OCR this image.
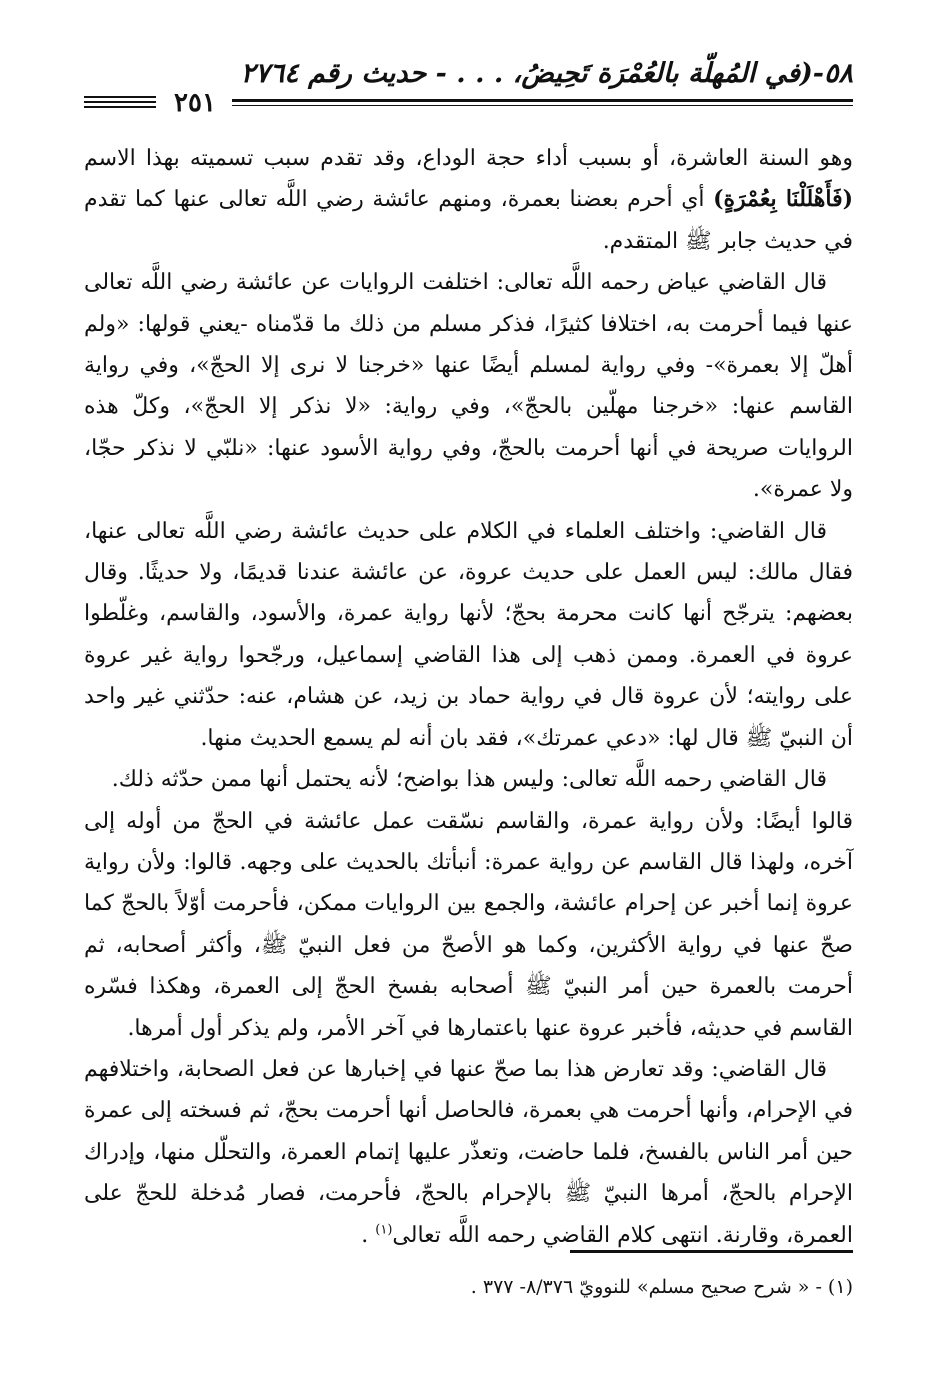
٥٨-(في المُهلّة بالعُمْرَة تَحِيضُ، . . . - حديث رقم ٢٧٦٤
٢٥١

وهو السنة العاشرة، أو بسبب أداء حجة الوداع، وقد تقدم سبب تسميته بهذا الاسم (فَأَهْلَلْنَا بِعُمْرَةٍ) أي أحرم بعضنا بعمرة، ومنهم عائشة رضي اللَّه تعالى عنها كما تقدم في حديث جابر ﷺ المتقدم.

قال القاضي عياض رحمه اللَّه تعالى: اختلفت الروايات عن عائشة رضي اللَّه تعالى عنها فيما أحرمت به، اختلافا كثيرًا، فذكر مسلم من ذلك ما قدّمناه -يعني قولها: «ولم أهلّ إلا بعمرة»- وفي رواية لمسلم أيضًا عنها «خرجنا لا نرى إلا الحجّ»، وفي رواية القاسم عنها: «خرجنا مهلّين بالحجّ»، وفي رواية: «لا نذكر إلا الحجّ»، وكلّ هذه الروايات صريحة في أنها أحرمت بالحجّ، وفي رواية الأسود عنها: «نلبّي لا نذكر حجّا، ولا عمرة».

قال القاضي: واختلف العلماء في الكلام على حديث عائشة رضي اللَّه تعالى عنها، فقال مالك: ليس العمل على حديث عروة، عن عائشة عندنا قديمًا، ولا حديثًا. وقال بعضهم: يترجّح أنها كانت محرمة بحجّ؛ لأنها رواية عمرة، والأسود، والقاسم، وغلّطوا عروة في العمرة. وممن ذهب إلى هذا القاضي إسماعيل، ورجّحوا رواية غير عروة على روايته؛ لأن عروة قال في رواية حماد بن زيد، عن هشام، عنه: حدّثني غير واحد أن النبيّ ﷺ قال لها: «دعي عمرتك»، فقد بان أنه لم يسمع الحديث منها.

قال القاضي رحمه اللَّه تعالى: وليس هذا بواضح؛ لأنه يحتمل أنها ممن حدّثه ذلك.

قالوا أيضًا: ولأن رواية عمرة، والقاسم نسّقت عمل عائشة في الحجّ من أوله إلى آخره، ولهذا قال القاسم عن رواية عمرة: أنبأتك بالحديث على وجهه. قالوا: ولأن رواية عروة إنما أخبر عن إحرام عائشة، والجمع بين الروايات ممكن، فأحرمت أوّلاً بالحجّ كما صحّ عنها في رواية الأكثرين، وكما هو الأصحّ من فعل النبيّ ﷺ، وأكثر أصحابه، ثم أحرمت بالعمرة حين أمر النبيّ ﷺ أصحابه بفسخ الحجّ إلى العمرة، وهكذا فسّره القاسم في حديثه، فأخبر عروة عنها باعتمارها في آخر الأمر، ولم يذكر أول أمرها.

قال القاضي: وقد تعارض هذا بما صحّ عنها في إخبارها عن فعل الصحابة، واختلافهم في الإحرام، وأنها أحرمت هي بعمرة، فالحاصل أنها أحرمت بحجّ، ثم فسخته إلى عمرة حين أمر الناس بالفسخ، فلما حاضت، وتعذّر عليها إتمام العمرة، والتحلّل منها، وإدراك الإحرام بالحجّ، أمرها النبيّ ﷺ بالإحرام بالحجّ، فأحرمت، فصار مُدخلة للحجّ على العمرة، وقارنة. انتهى كلام القاضي رحمه اللَّه تعالى$^{(١)}$ .

(١) - « شرح صحيح مسلم» للنوويّ ٨/٣٧٦- ٣٧٧ .
